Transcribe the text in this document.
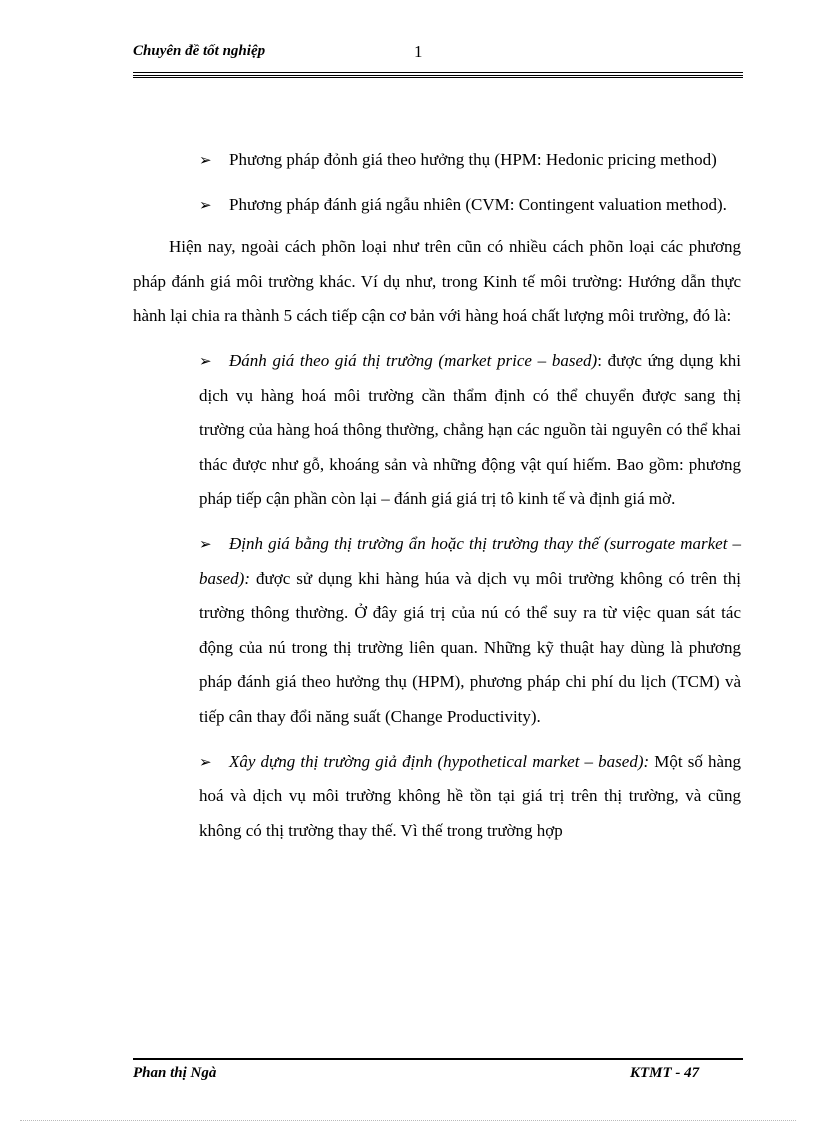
Chuyên đề tốt nghiệp	1
➢ Phương pháp đỏnh giá theo hưởng thụ (HPM: Hedonic pricing method)
➢ Phương pháp đánh giá ngẫu nhiên (CVM: Contingent valuation method).
Hiện nay, ngoài cách phõn loại như trên cũn có nhiều cách phõn loại các phương pháp đánh giá môi trường khác. Ví dụ như, trong Kinh tế môi trường: Hướng dẫn thực hành lại chia ra thành 5 cách tiếp cận cơ bản với hàng hoá chất lượng môi trường, đó là:
➢ Đánh giá theo giá thị trường (market price – based): được ứng dụng khi dịch vụ hàng hoá môi trường cần thẩm định có thể chuyển được sang thị trường của hàng hoá thông thường, chẳng hạn các nguồn tài nguyên có thể khai thác được như gỗ, khoáng sản và những động vật quí hiếm. Bao gồm: phương pháp tiếp cận phần còn lại – đánh giá giá trị tô kinh tế và định giá mờ.
➢ Định giá bằng thị trường ẩn hoặc thị trường thay thế (surrogate market – based): được sử dụng khi hàng húa và dịch vụ môi trường không có trên thị trường thông thường. Ở đây giá trị của nú có thể suy ra từ việc quan sát tác động của nú trong thị trường liên quan. Những kỹ thuật hay dùng là phương pháp đánh giá theo hưởng thụ (HPM), phương pháp chi phí du lịch (TCM) và tiếp cân thay đổi năng suất (Change Productivity).
➢ Xây dựng thị trường giả định (hypothetical market – based): Một số hàng hoá và dịch vụ môi trường không hề tồn tại giá trị trên thị trường, và cũng không có thị trường thay thế. Vì thế trong trường hợp
Phan thị Ngà	KTMT - 47
